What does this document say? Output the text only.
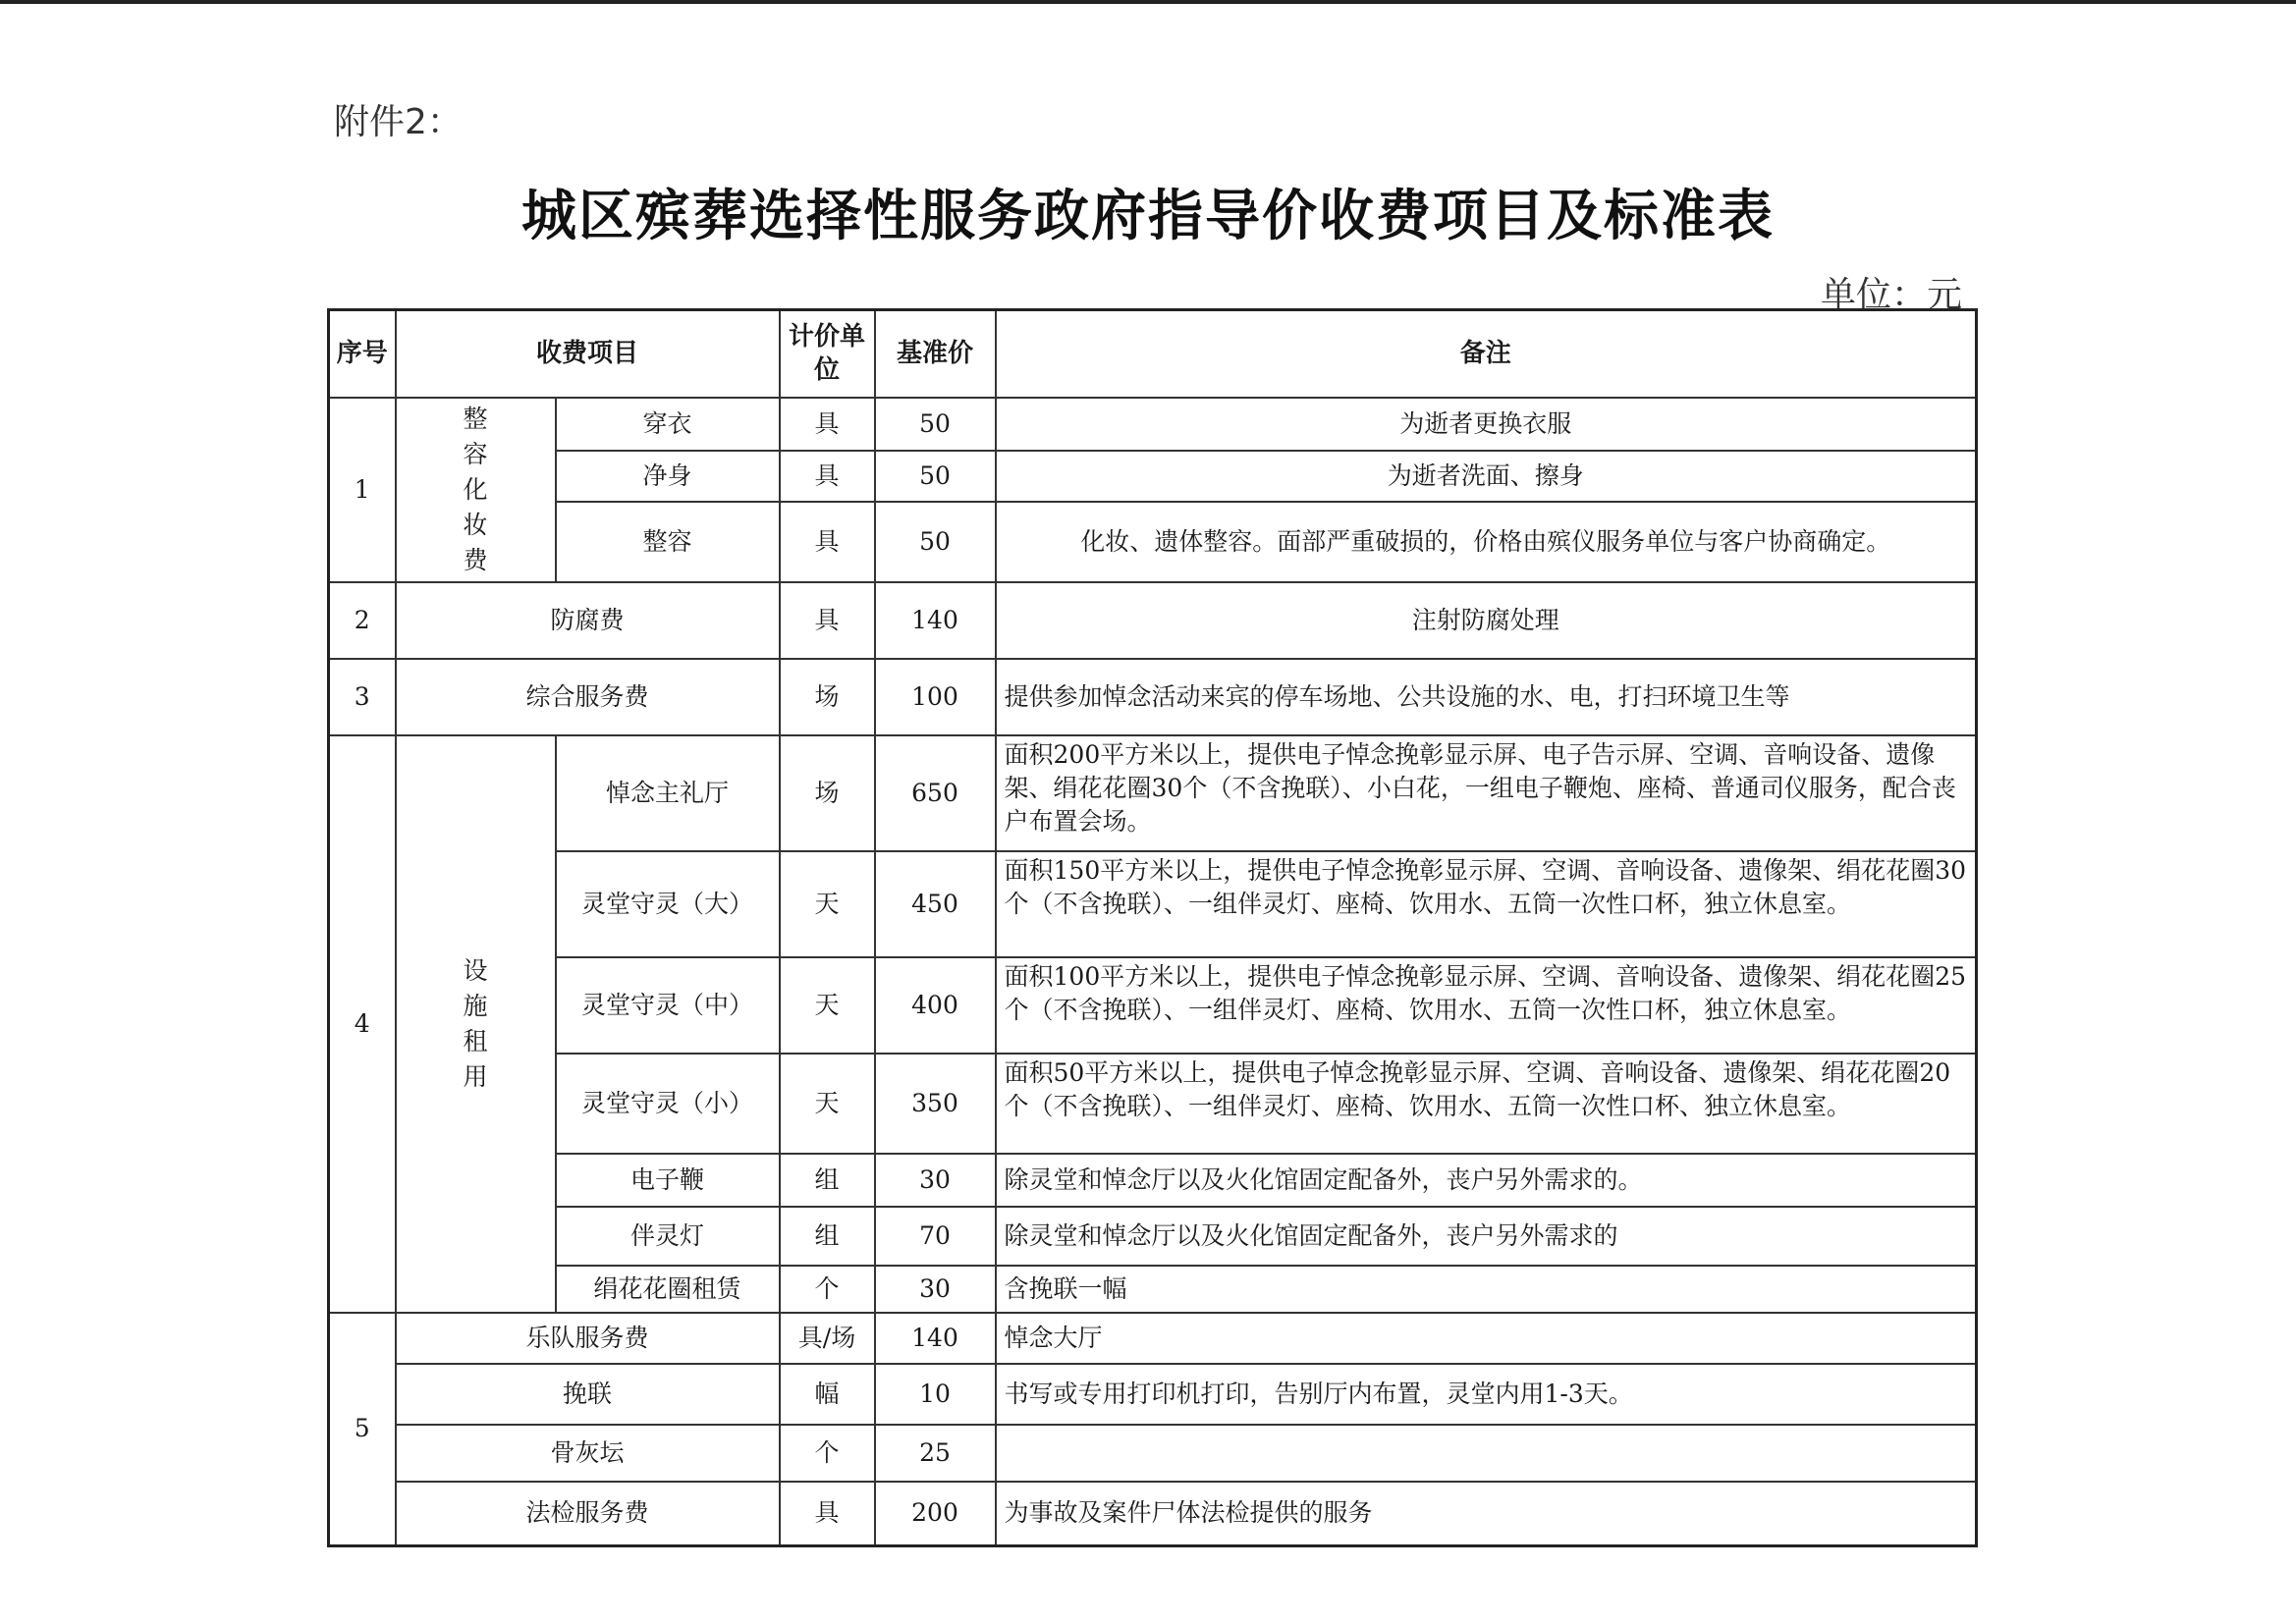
附件2：
城区殡葬选择性服务政府指导价收费项目及标准表
单位：元
序号	收费项目		计价单位	基准价	备注
1	整容化妆费	穿衣	具	50	为逝者更换衣服
		净身	具	50	为逝者洗面、擦身
		整容	具	50	化妆、遗体整容。面部严重破损的，价格由殡仪服务单位与客户协商确定。
2	防腐费		具	140	注射防腐处理
3	综合服务费		场	100	提供参加悼念活动来宾的停车场地、公共设施的水、电，打扫环境卫生等
4	设施租用	悼念主礼厅	场	650	面积200平方米以上，提供电子悼念挽彰显示屏、电子告示屏、空调、音响设备、遗像架、绢花花圈30个（不含挽联）、小白花，一组电子鞭炮、座椅、普通司仪服务，配合丧户布置会场。
		灵堂守灵（大）	天	450	面积150平方米以上，提供电子悼念挽彰显示屏、空调、音响设备、遗像架、绢花花圈30个（不含挽联）、一组伴灵灯、座椅、饮用水、五筒一次性口杯，独立休息室。
		灵堂守灵（中）	天	400	面积100平方米以上，提供电子悼念挽彰显示屏、空调、音响设备、遗像架、绢花花圈25个（不含挽联）、一组伴灵灯、座椅、饮用水、五筒一次性口杯，独立休息室。
		灵堂守灵（小）	天	350	面积50平方米以上，提供电子悼念挽彰显示屏、空调、音响设备、遗像架、绢花花圈20个（不含挽联）、一组伴灵灯、座椅、饮用水、五筒一次性口杯、独立休息室。
		电子鞭	组	30	除灵堂和悼念厅以及火化馆固定配备外，丧户另外需求的。
		伴灵灯	组	70	除灵堂和悼念厅以及火化馆固定配备外，丧户另外需求的
		绢花花圈租赁	个	30	含挽联一幅
5	乐队服务费		具/场	140	悼念大厅
	挽联		幅	10	书写或专用打印机打印，告别厅内布置，灵堂内用1-3天。
	骨灰坛		个	25	
	法检服务费		具	200	为事故及案件尸体法检提供的服务
